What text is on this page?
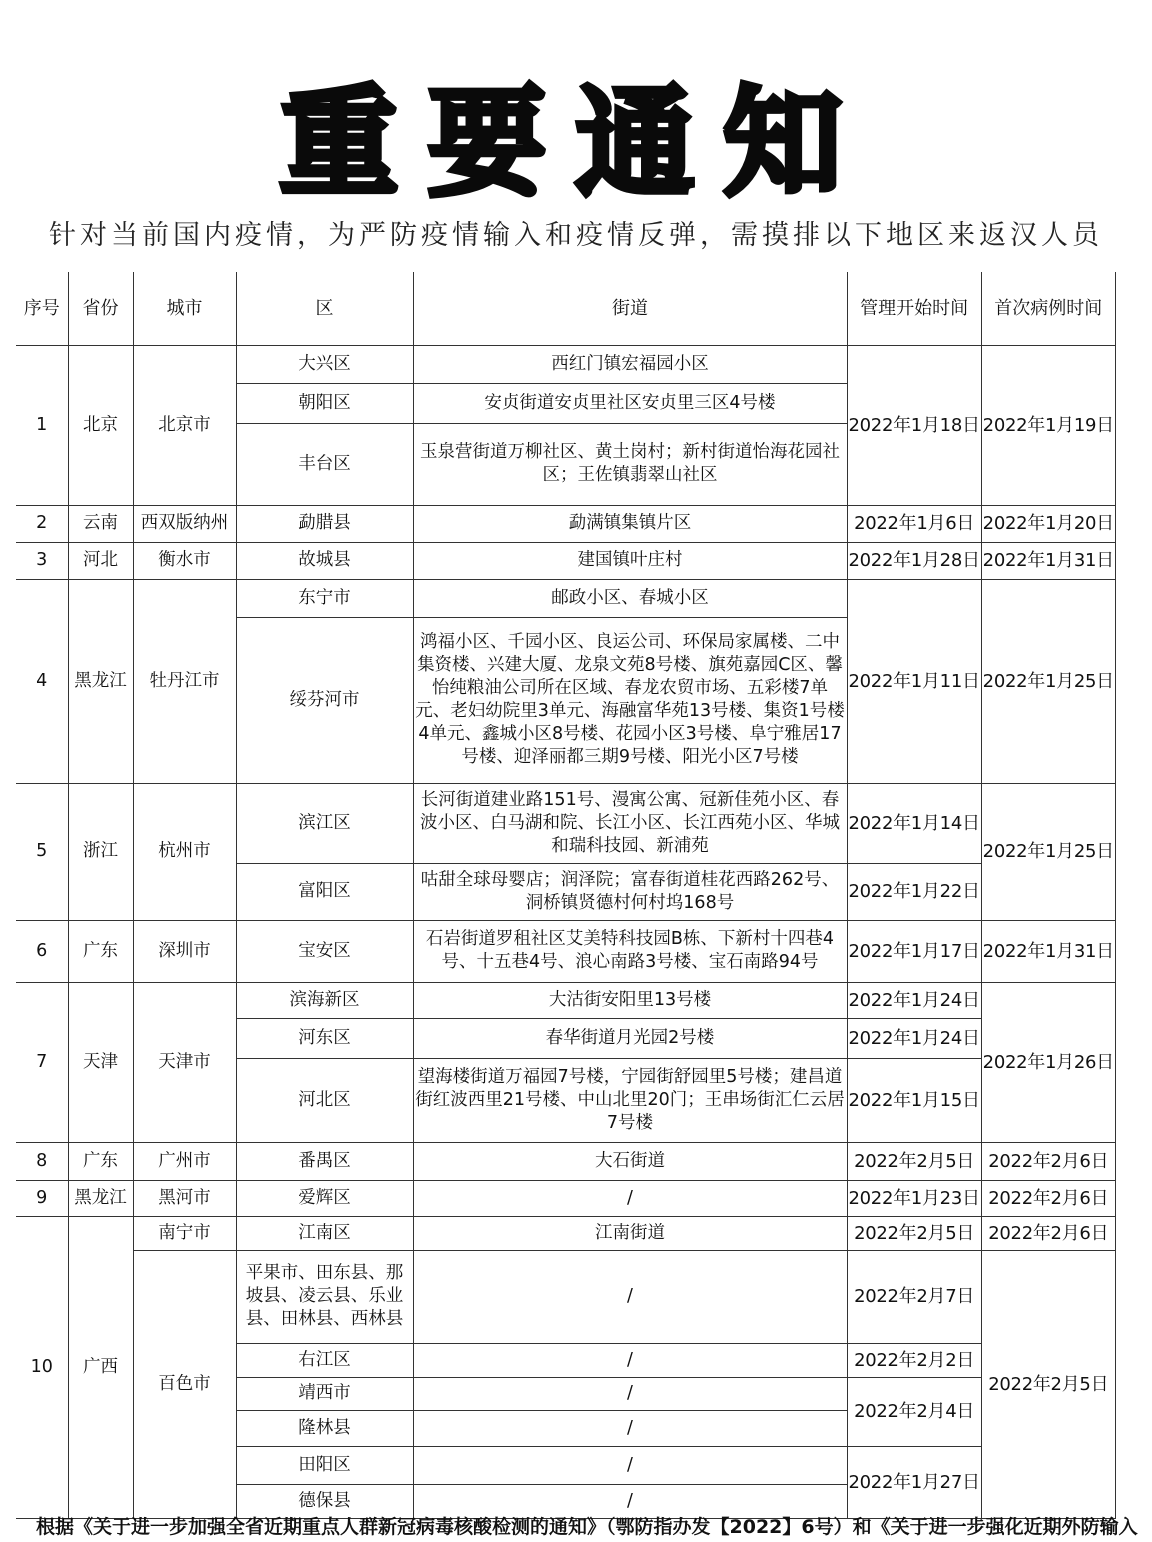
重要通知
针对当前国内疫情，为严防疫情输入和疫情反弹，需摸排以下地区来返汉人员
序号	省份	城市	区	街道	管理开始时间	首次病例时间	
1	北京	北京市	大兴区	西红门镇宏福园小区	2022年1月18日	2022年1月19日	
			朝阳区	安贞街道安贞里社区安贞里三区4号楼			
			丰台区	玉泉营街道万柳社区、黄土岗村；新村街道怡海花园社区；王佐镇翡翠山社区			
2	云南	西双版纳州	勐腊县	勐满镇集镇片区	2022年1月6日	2022年1月20日	
3	河北	衡水市	故城县	建国镇叶庄村	2022年1月28日	2022年1月31日	
4	黑龙江	牡丹江市	东宁市	邮政小区、春城小区	2022年1月11日	2022年1月25日	
			绥芬河市	鸿福小区、千园小区、良运公司、环保局家属楼、二中集资楼、兴建大厦、龙泉文苑8号楼、旗苑嘉园C区、馨怡纯粮油公司所在区域、春龙农贸市场、五彩楼7单元、老妇幼院里3单元、海融富华苑13号楼、集资1号楼4单元、鑫城小区8号楼、花园小区3号楼、阜宁雅居17号楼、迎泽丽都三期9号楼、阳光小区7号楼			
5	浙江	杭州市	滨江区	长河街道建业路151号、漫寓公寓、冠新佳苑小区、春波小区、白马湖和院、长江小区、长江西苑小区、华城和瑞科技园、新浦苑	2022年1月14日	2022年1月25日	
			富阳区	咕甜全球母婴店；润泽院；富春街道桂花西路262号、洞桥镇贤德村何村坞168号	2022年1月22日		
6	广东	深圳市	宝安区	石岩街道罗租社区艾美特科技园B栋、下新村十四巷4号、十五巷4号、浪心南路3号楼、宝石南路94号	2022年1月17日	2022年1月31日	
7	天津	天津市	滨海新区	大沽街安阳里13号楼	2022年1月24日	2022年1月26日	
			河东区	春华街道月光园2号楼	2022年1月24日		
			河北区	望海楼街道万福园7号楼，宁园街舒园里5号楼；建昌道街红波西里21号楼、中山北里20门；王串场街汇仁云居7号楼	2022年1月15日		
8	广东	广州市	番禺区	大石街道	2022年2月5日	2022年2月6日	
9	黑龙江	黑河市	爱辉区	/	2022年1月23日	2022年2月6日	
10	广西	南宁市	江南区	江南街道	2022年2月5日	2022年2月6日	
		百色市	平果市、田东县、那坡县、凌云县、乐业县、田林县、西林县	/	2022年2月7日	2022年2月5日	
			右江区	/	2022年2月2日		
			靖西市	/	2022年2月4日		
			隆林县	/			
			田阳区	/	2022年1月27日		
			德保县	/			
根据《关于进一步加强全省近期重点人群新冠病毒核酸检测的通知》（鄂防指办发【2022】6号）和《关于进一步强化近期外防输入
